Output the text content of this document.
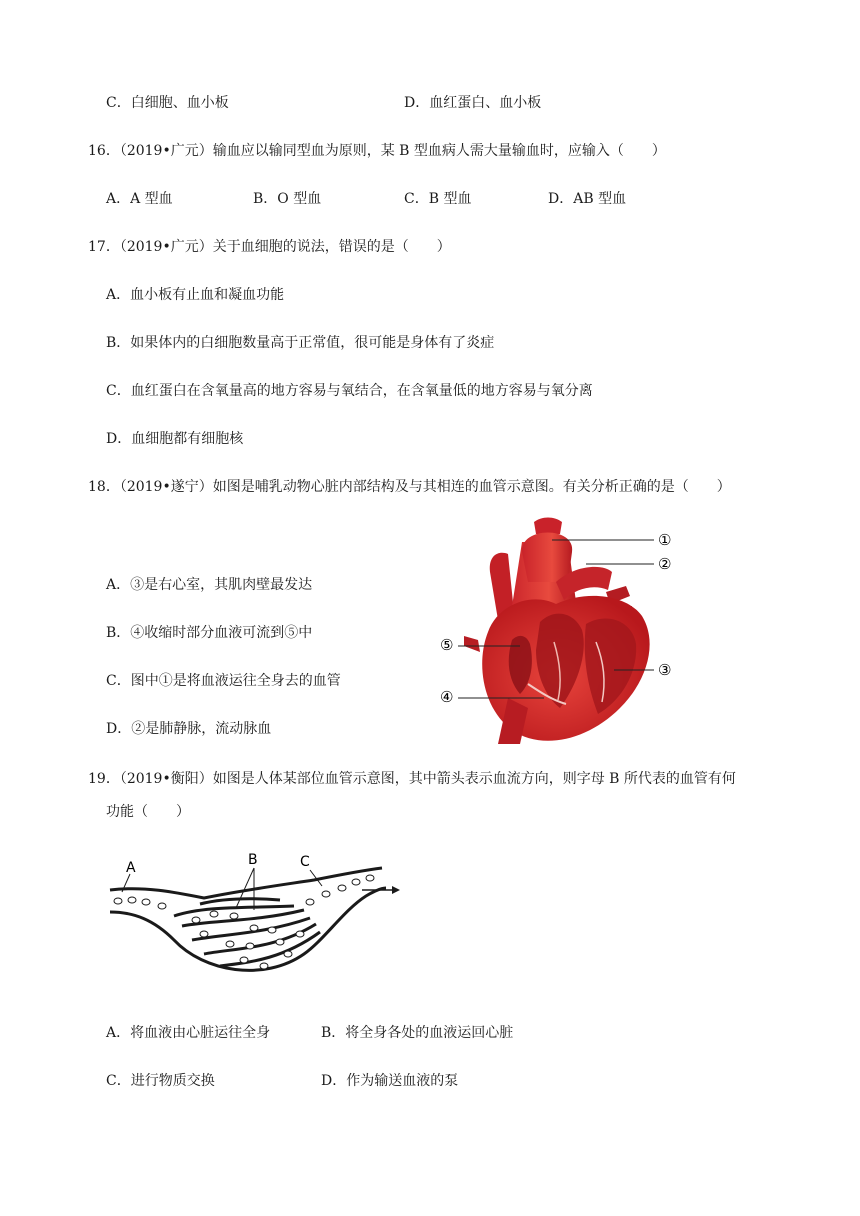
C．白细胞、血小板	D．血红蛋白、血小板
16．（2019•广元）输血应以输同型血为原则，某 B 型血病人需大量输血时，应输入（　　）
A．A 型血	B．O 型血	C．B 型血	D．AB 型血
17．（2019•广元）关于血细胞的说法，错误的是（　　）
A．血小板有止血和凝血功能
B．如果体内的白细胞数量高于正常值，很可能是身体有了炎症
C．血红蛋白在含氧量高的地方容易与氧结合，在含氧量低的地方容易与氧分离
D．血细胞都有细胞核
18．（2019•遂宁）如图是哺乳动物心脏内部结构及与其相连的血管示意图。有关分析正确的是（　　）
A．③是右心室，其肌肉壁最发达
B．④收缩时部分血液可流到⑤中
C．图中①是将血液运往全身去的血管
D．②是肺静脉，流动脉血
①
②
③
④
⑤
19．（2019•衡阳）如图是人体某部位血管示意图，其中箭头表示血流方向，则字母 B 所代表的血管有何
功能（　　）
A	B	C
A．将血液由心脏运往全身	B．将全身各处的血液运回心脏
C．进行物质交换	D．作为输送血液的泵
